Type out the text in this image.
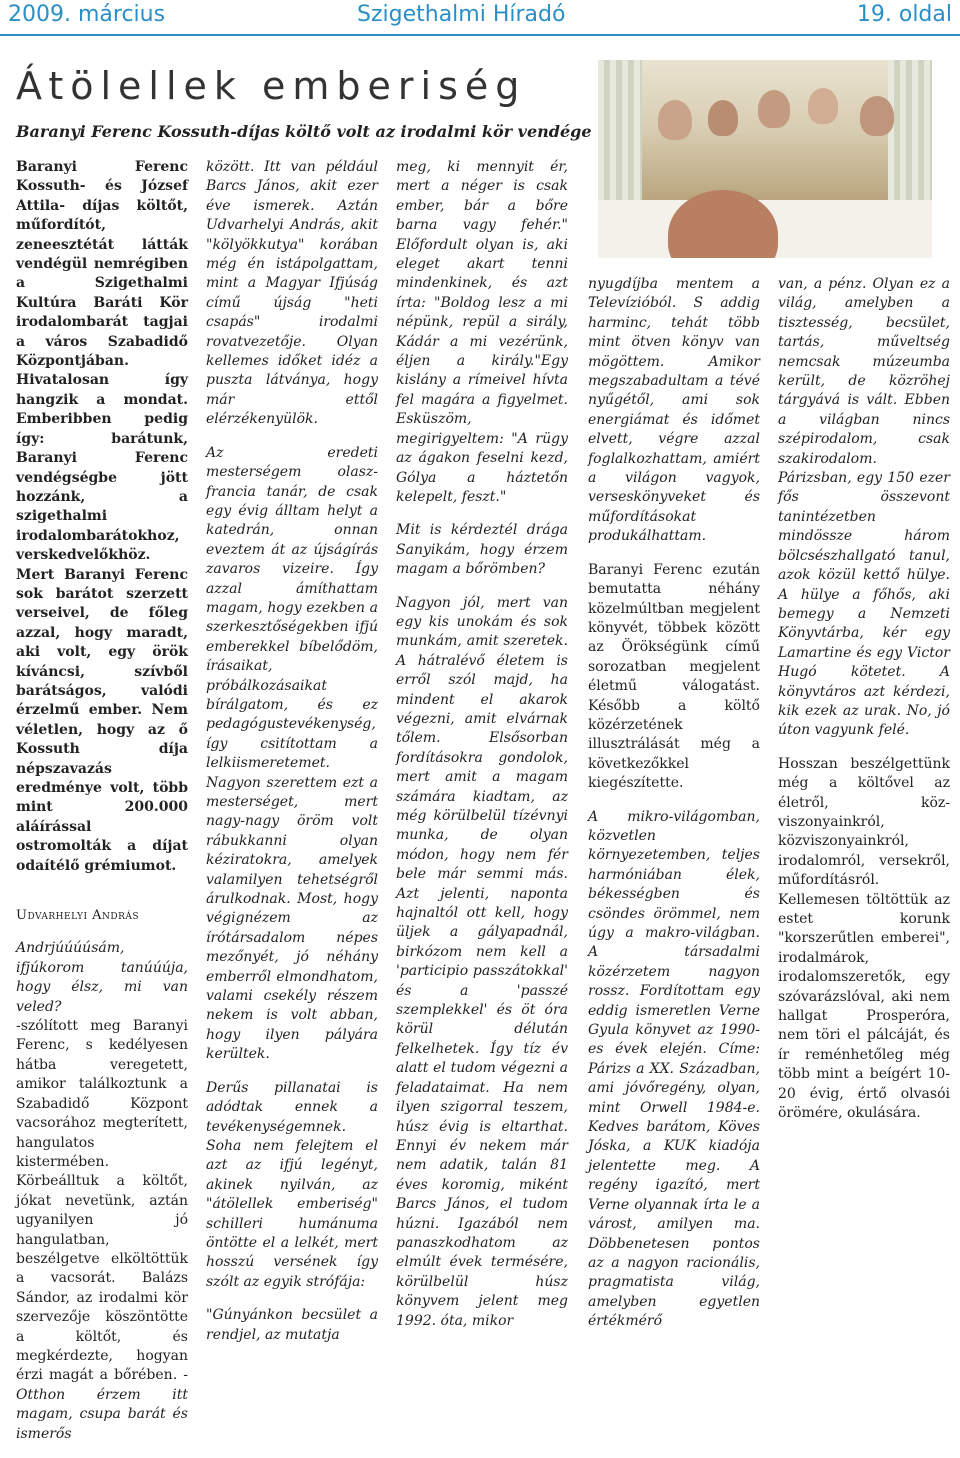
2009. március	Szigethalmi Híradó	19. oldal
Átölellek emberiség
Baranyi Ferenc Kossuth-díjas költő volt az irodalmi kör vendége

Baranyi Ferenc Kossuth- és József Attila- díjas költőt, műfordítót, zeneesztétát látták vendégül nemrégiben a Szigethalmi Kultúra Baráti Kör irodalombarát tagjai a város Szabadidő Központjában. Hivatalosan így hangzik a mondat. Emberibben pedig így: barátunk, Baranyi Ferenc vendégségbe jött hozzánk, a szigethalmi irodalombarátokhoz, verskedvelőkhöz. Mert Baranyi Ferenc sok barátot szerzett verseivel, de főleg azzal, hogy maradt, aki volt, egy örök kíváncsi, szívből barátságos, valódi érzelmű ember. Nem véletlen, hogy az ő Kossuth díja népszavazás eredménye volt, több mint 200.000 aláírással ostromolták a díjat odaítélő grémiumot.

Udvarhelyi András

Andrjúúúúsám, ifjúkorom tanúúúja, hogy élsz, mi van veled?

-szólított meg Baranyi Ferenc, s kedélyesen hátba veregetett, amikor találkoztunk a Szabadidő Központ vacsorához megterített, hangulatos kistermében. Körbeálltuk a költőt, jókat nevetünk, aztán ugyanilyen jó hangulatban, beszélgetve elköltöttük a vacsorát. Balázs Sándor, az irodalmi kör szervezője köszöntötte a költőt, és megkérdezte, hogyan érzi magát a bőrében. - Otthon érzem itt magam, csupa barát és ismerős

között. Itt van például Barcs János, akit ezer éve ismerek. Aztán Udvarhelyi András, akit "kölyökkutya" korában még én istápolgattam, mint a Magyar Ifjúság című újság "heti csapás" irodalmi rovatvezetője. Olyan kellemes időket idéz a puszta látványa, hogy már ettől elérzékenyülök.

Az eredeti mesterségem olasz-francia tanár, de csak egy évig álltam helyt a katedrán, onnan eveztem át az újságírás zavaros vizeire. Így azzal ámíthattam magam, hogy ezekben a szerkesztőségekben ifjú emberekkel bíbelődöm, írásaikat, próbálkozásaikat bírálgatom, és ez pedagógustevékenység, így csitítottam a lelkiismeretemet. Nagyon szerettem ezt a mesterséget, mert nagy-nagy öröm volt rábukkanni olyan kéziratokra, amelyek valamilyen tehetségről árulkodnak. Most, hogy végignézem az írótársadalom népes mezőnyét, jó néhány emberről elmondhatom, valami csekély részem nekem is volt abban, hogy ilyen pályára kerültek.

Derűs pillanatai is adódtak ennek a tevékenységemnek. Soha nem felejtem el azt az ifjú legényt, akinek nyilván, az "átölellek emberiség" schilleri humánuma öntötte el a lelkét, mert hosszú versének így szólt az egyik strófája:

"Gúnyánkon becsület a rendjel, az mutatja

meg, ki mennyit ér, mert a néger is csak ember, bár a bőre barna vagy fehér." Előfordult olyan is, aki eleget akart tenni mindenkinek, és azt írta: "Boldog lesz a mi népünk, repül a sirály, Kádár a mi vezérünk, éljen a király."Egy kislány a rímeivel hívta fel magára a figyelmet. Esküszöm, megirigyeltem: "A rügy az ágakon feselni kezd, Gólya a háztetőn kelepelt, feszt."

Mit is kérdeztél drága Sanyikám, hogy érzem magam a bőrömben?

Nagyon jól, mert van egy kis unokám és sok munkám, amit szeretek. A hátralévő életem is erről szól majd, ha mindent el akarok végezni, amit elvárnak tőlem. Elsősorban fordításokra gondolok, mert amit a magam számára kiadtam, az még körülbelül tízévnyi munka, de olyan módon, hogy nem fér bele már semmi más. Azt jelenti, naponta hajnaltól ott kell, hogy üljek a gályapadnál, birkózom nem kell a 'participio passzátokkal' és a 'passzé szemplekkel' és öt óra körül délután felkelhetek. Így tíz év alatt el tudom végezni a feladataimat. Ha nem ilyen szigorral teszem, húsz évig is eltarthat. Ennyi év nekem már nem adatik, talán 81 éves koromig, miként Barcs János, el tudom húzni. Igazából nem panaszkodhatom az elmúlt évek termésére, körülbelül húsz könyvem jelent meg 1992. óta, mikor

nyugdíjba mentem a Televízióból. S addig harminc, tehát több mint ötven könyv van mögöttem. Amikor megszabadultam a tévé nyűgétől, ami sok energiámat és időmet elvett, végre azzal foglalkozhattam, amiért a világon vagyok, verseskönyveket és műfordításokat produkálhattam.

Baranyi Ferenc ezután bemutatta néhány közelmúltban megjelent könyvét, többek között az Örökségünk című sorozatban megjelent életmű válogatást. Később a költő közérzetének illusztrálását még a következőkkel kiegészítette.

A mikro-világomban, közvetlen környezetemben, teljes harmóniában élek, békességben és csöndes örömmel, nem úgy a makro-világban. A társadalmi közérzetem nagyon rossz. Fordítottam egy eddig ismeretlen Verne Gyula könyvet az 1990-es évek elején. Címe: Párizs a XX. Században, ami jóvőregény, olyan, mint Orwell 1984-e. Kedves barátom, Köves Jóska, a KUK kiadója jelentette meg. A regény igazító, mert Verne olyannak írta le a várost, amilyen ma. Döbbenetesen pontos az a nagyon racionális, pragmatista világ, amelyben egyetlen értékmérő

van, a pénz. Olyan ez a világ, amelyben a tisztesség, becsület, tartás, műveltség nemcsak múzeumba került, de közröhej tárgyává is vált. Ebben a világban nincs szépirodalom, csak szakirodalom. Párizsban, egy 150 ezer fős összevont tanintézetben mindössze három bölcsészhallgató tanul, azok közül kettő hülye. A hülye a főhős, aki bemegy a Nemzeti Könyvtárba, kér egy Lamartine és egy Victor Hugó kötetet. A könyvtáros azt kérdezi, kik ezek az urak. No, jó úton vagyunk felé.

Hosszan beszélgettünk még a költővel az életről, köz-viszonyainkról, közviszonyainkról, irodalomról, versekről, műfordításról. Kellemesen töltöttük az estet korunk "korszerűtlen emberei", irodalmárok, irodalomszeretők, egy szóvarázslóval, aki nem hallgat Prosperóra, nem töri el pálcáját, és ír reménhetőleg még több mint a beígért 10-20 évig, értő olvasói örömére, okulására.
